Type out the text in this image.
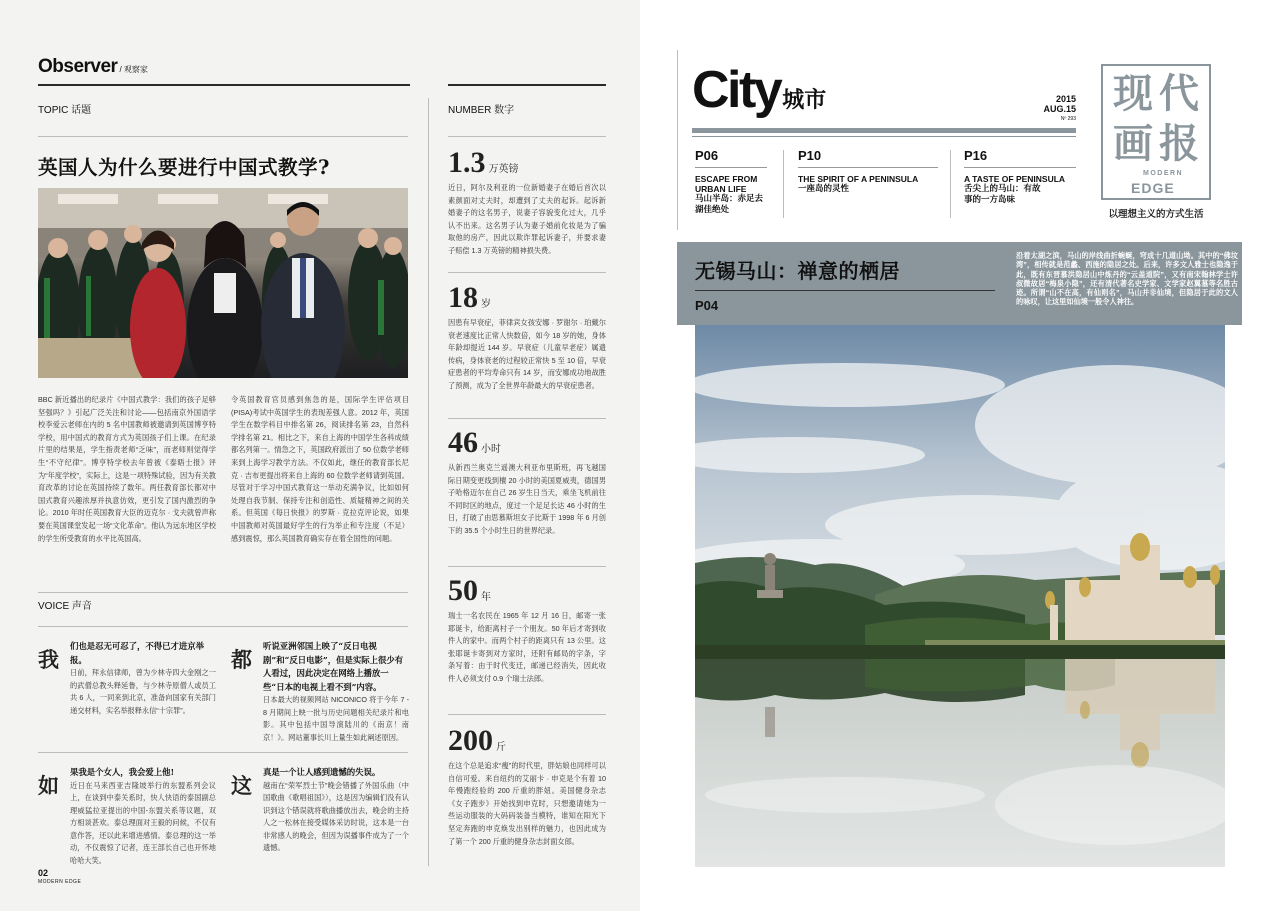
Observer / 观察家
TOPIC 话题
英国人为什么要进行中国式教学?
BBC 新近播出的纪录片《中国式教学：我们的孩子足够坚强吗？》引起广泛关注和讨论——包括南京外国语学校李爱云老师在内的 5 名中国教师被邀请到英国博亨特学校，用中国式的教育方式为英国孩子们上课。在纪录片里的结果是，学生指责老师“乏味”，而老师则觉得学生“不守纪律”。博亨特学校去年曾被《泰晤士报》评为“年度学校”，实际上，这是一项特殊试验，因为有关教育改革的讨论在英国持续了数年。两任教育部长都对中国式教育兴趣浓厚并执意仿效，更引发了国内激烈的争论。2010 年时任英国教育大臣的迈克尔 · 戈夫就曾声称要在英国课堂发起一场“文化革命”。他认为远东地区学校的学生所受教育的水平比英国高。
令英国教育官员感到焦急的是，国际学生评估项目(PISA)考试中英国学生的表现差强人意。2012 年，英国学生在数学科目中排名第 26，阅读排名第 23，自然科学排名第 21。相比之下，来自上海的中国学生各科成绩都名列第一。情急之下，英国政府派出了 50 位数学老师来到上海学习教学方法。不仅如此，继任的教育部长尼克 · 吉布更提出将来自上海的 60 位数学老师请到英国。尽管对于学习中国式教育这一举动充满争议，比如如何处理自我节制、保持专注和创造性、质疑精神之间的关系。但英国《每日快报》的罗斯 · 克拉克评论说，如果中国教师对英国最好学生的行为举止和专注度（不足）感到震惊，那么英国教育确实存在着全国性的问题。
VOICE 声音
我
们也是忍无可忍了，不得已才进京举报。
日前，拜永信律师，曾为少林寺四大金刚之一的武僧总教头释延鲁，与少林寺原僧人或员工共 6 人，一同来到北京，准备向国家有关部门递交材料，实名举报释永信“十宗罪”。
都
听说亚洲邻国上映了“反日电视剧”和“反日电影”，但是实际上很少有人看过，因此决定在网络上播放一些“日本的电视上看不到”内容。
日本最大的视频网站 NICONICO 将于今年 7 - 8 月期间上映一批与历史问题相关纪录片和电影。其中包括中国导演陆川的《南京！南京！》。网站董事长川上量生如此阐述原因。
如
果我是个女人，我会爱上他!
近日在马来西亚吉隆坡举行的东盟系列会议上，在谈到中泰关系时，快人快语的泰国副总理威猛拉亚提出的中国-东盟关系等议题，双方相谈甚欢。泰总理面对王毅的问候，不仅有意作答，还以此来增进感情。泰总理的这一举动，不仅震惊了记者，连王部长自己也开怀地哈哈大笑。
这
真是一个让人感到遗憾的失误。
越南在“荣军烈士节”晚会错播了外国乐曲（中国歌曲《歌唱祖国》），这是因为编辑们没有认识到这个错误就将歌曲播放出去，晚会的主持人之一松林在接受媒体采访时说，这本是一台非常感人的晚会，但因为误播事件成为了一个遗憾。
NUMBER 数字
1.3 万英镑
近日，阿尔及利亚的一位新婚妻子在婚后首次以素颜面对丈夫时，却遭到了丈夫的起诉。起诉新婚妻子的这名男子，说妻子容貌变化过大，几乎认不出来。这名男子认为妻子婚前化妆是为了骗取他的房产，因此以欺诈罪起诉妻子，并要求妻子赔偿 1.3 万英镑的精神损失费。
18 岁
因患有早衰症，菲律宾女孩安娜 · 罗谢尔 · 珀戴尔衰老速度比正常人快数倍，如今 18 岁的她，身体年龄却提近 144 岁。早衰症（儿童早老症）属遗传病，身体衰老的过程较正常快 5 至 10 倍，早衰症患者的平均寿命只有 14 岁，而安娜成功地战胜了预测，成为了全世界年龄最大的早衰症患者。
46 小时
从新西兰奥克兰遥澳大利亚布里斯班，再飞越国际日期变更线到檀 20 小时的美国夏威夷，德国男子哈格迈尔在自己 26 岁生日当天，乘坐飞机前往不同时区的地点，度过一个足足长达 46 小时的生日，打破了由思慕斯坦女子比斯于 1998 年 6 月创下的 35.5 个小时生日的世界纪录。
50 年
瑞士一名农民在 1965 年 12 月 16 日，邮寄一张耶诞卡，给距离村子一个朋友。50 年后才寄到收件人的家中。而两个村子的距离只有 13 公里。这张耶诞卡寄到对方家时，还附有邮局的字条，字条写着：由于时代变迁，邮递已经消失，因此收件人必须支付 0.9 个瑞士法郎。
200 斤
在这个总是追求“瘦”的时代里，胖姑娘也同样可以自信可爱。来自纽约的艾丽卡 · 申克是个有着 10 年慢跑经验的 200 斤重的胖妞。美国健身杂志《女子跑步》开始找到申克时，只想邀请她为一些运动服装的大码码装备当模特，谁知在阳光下坚定奔跑的申克焕发出别样的魅力，也因此成为了第一个 200 斤重的健身杂志封面女郎。
02
MODERN EDGE
City城市	2015
AUG.15
Nº 293
现 代
画 报
MODERN
EDGE
以理想主义的方式生活
P06
ESCAPE FROM URBAN LIFE
马山半岛：赤足去湖佳绝处
P10
THE SPIRIT OF A PENINSULA
一座岛的灵性
P16
A TASTE OF PENINSULA
舌尖上的马山：有故事的一方岛味
无锡马山：禅意的栖居
P04
沿着太湖之滨，马山的岸线曲折蜿蜒，穹成十几道山坳。其中的“佛坟湾”，相传就是范蠡、西施的隐居之处。后来，许多文人雅士也隐逸于此，既有东晋慕洪隐居山中炼丹的“云盖道院”，又有南宋翰林学士许叔微故居“梅泉小隐”，还有清代著名史学家、文学家赵翼墓等名胜古迹。所谓“山不在高，有仙则名”，马山并非仙境，但隐居于此的文人的咏叹，让这里如仙境一般令人神往。
